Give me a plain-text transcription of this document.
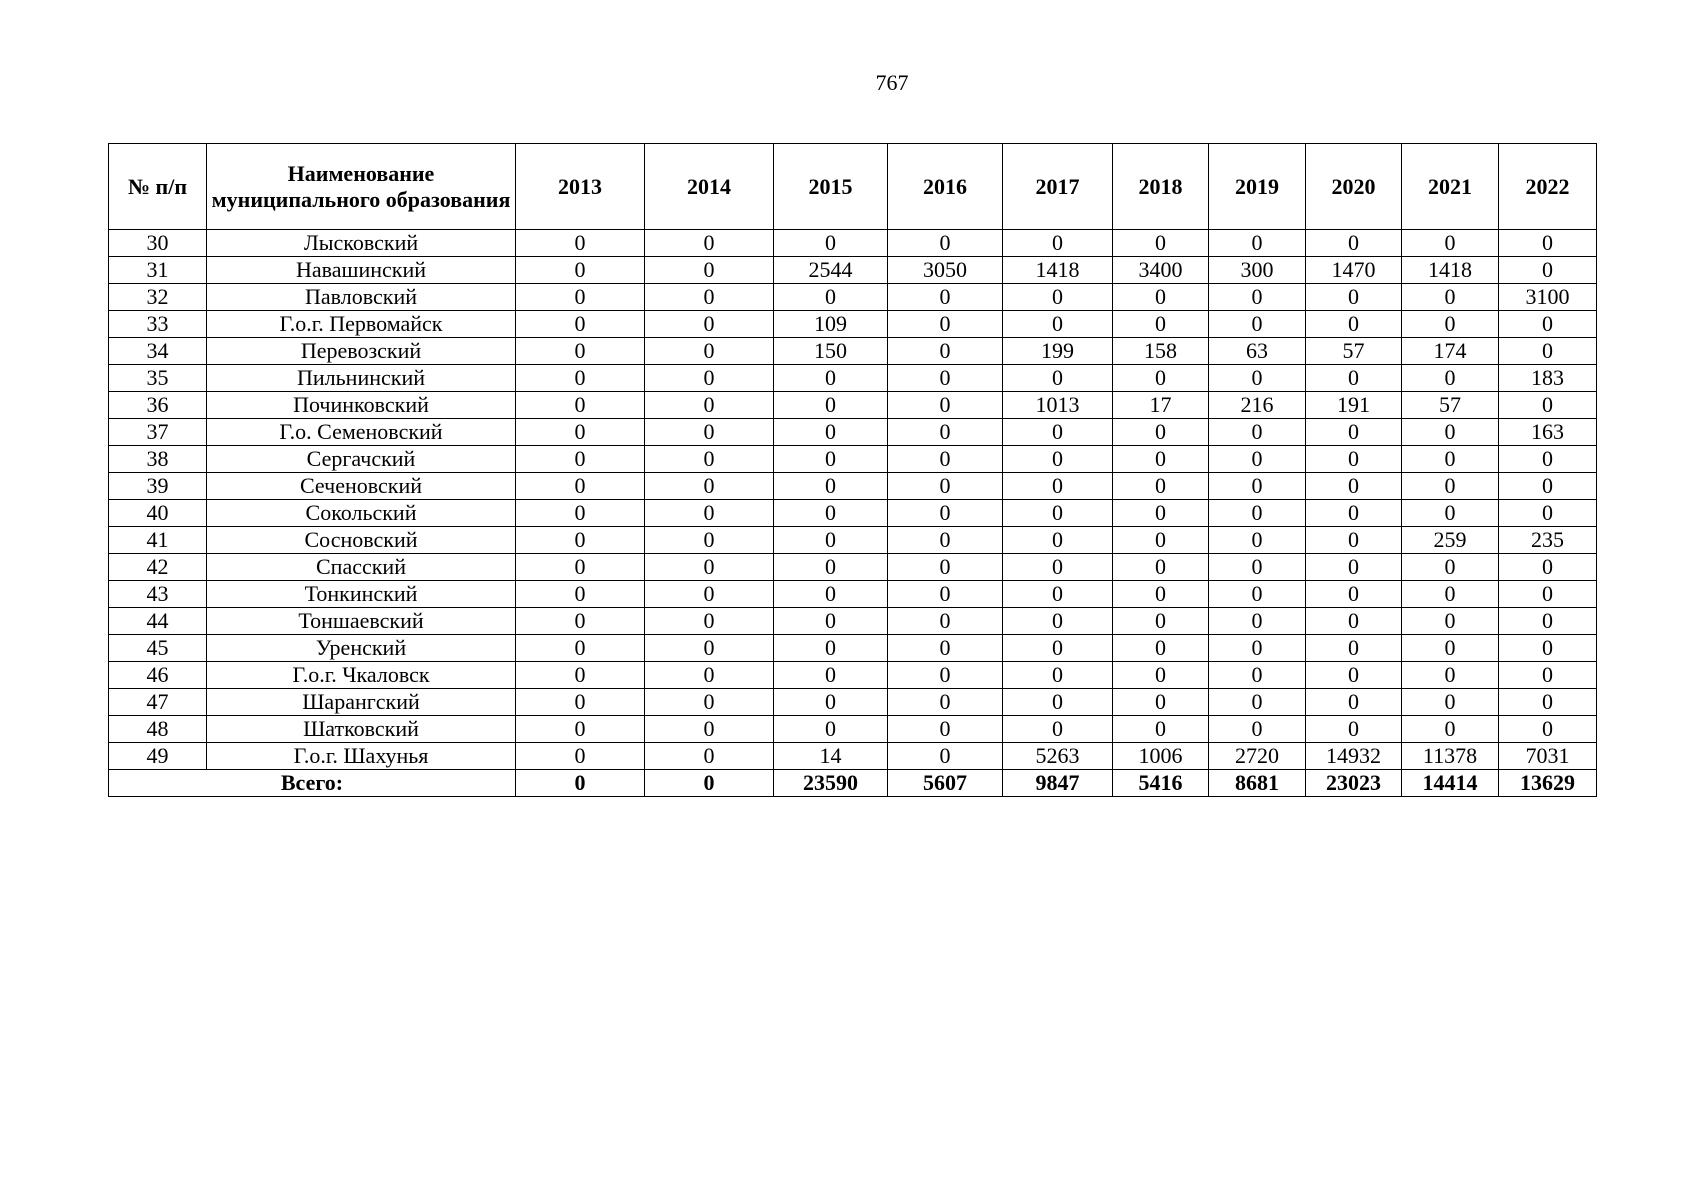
767
№ п/п	Наименование муниципального образования	2013	2014	2015	2016	2017	2018	2019	2020	2021	2022
30	Лысковский	0	0	0	0	0	0	0	0	0	0
31	Навашинский	0	0	2544	3050	1418	3400	300	1470	1418	0
32	Павловский	0	0	0	0	0	0	0	0	0	3100
33	Г.о.г. Первомайск	0	0	109	0	0	0	0	0	0	0
34	Перевозский	0	0	150	0	199	158	63	57	174	0
35	Пильнинский	0	0	0	0	0	0	0	0	0	183
36	Починковский	0	0	0	0	1013	17	216	191	57	0
37	Г.о. Семеновский	0	0	0	0	0	0	0	0	0	163
38	Сергачский	0	0	0	0	0	0	0	0	0	0
39	Сеченовский	0	0	0	0	0	0	0	0	0	0
40	Сокольский	0	0	0	0	0	0	0	0	0	0
41	Сосновский	0	0	0	0	0	0	0	0	259	235
42	Спасский	0	0	0	0	0	0	0	0	0	0
43	Тонкинский	0	0	0	0	0	0	0	0	0	0
44	Тоншаевский	0	0	0	0	0	0	0	0	0	0
45	Уренский	0	0	0	0	0	0	0	0	0	0
46	Г.о.г. Чкаловск	0	0	0	0	0	0	0	0	0	0
47	Шарангский	0	0	0	0	0	0	0	0	0	0
48	Шатковский	0	0	0	0	0	0	0	0	0	0
49	Г.о.г. Шахунья	0	0	14	0	5263	1006	2720	14932	11378	7031
Всего:		0	0	23590	5607	9847	5416	8681	23023	14414	13629
